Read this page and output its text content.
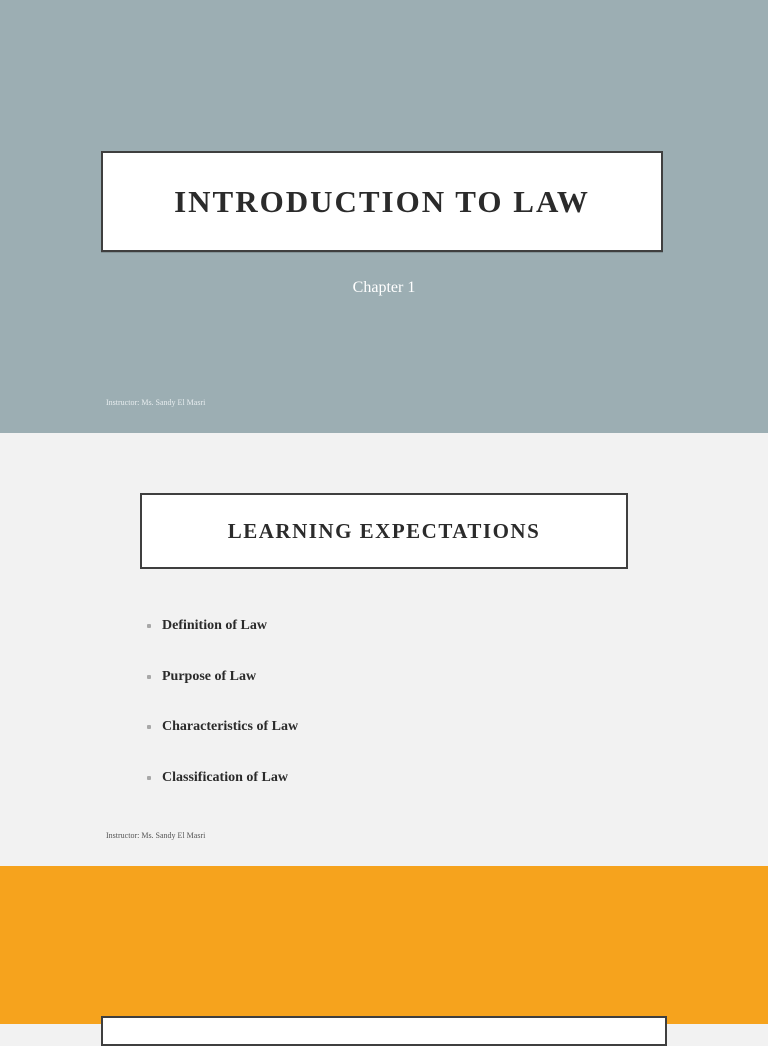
INTRODUCTION TO LAW
Chapter 1
Instructor: Ms. Sandy El Masri
LEARNING EXPECTATIONS
Definition of Law
Purpose of Law
Characteristics of Law
Classification of Law
Instructor: Ms. Sandy El Masri
